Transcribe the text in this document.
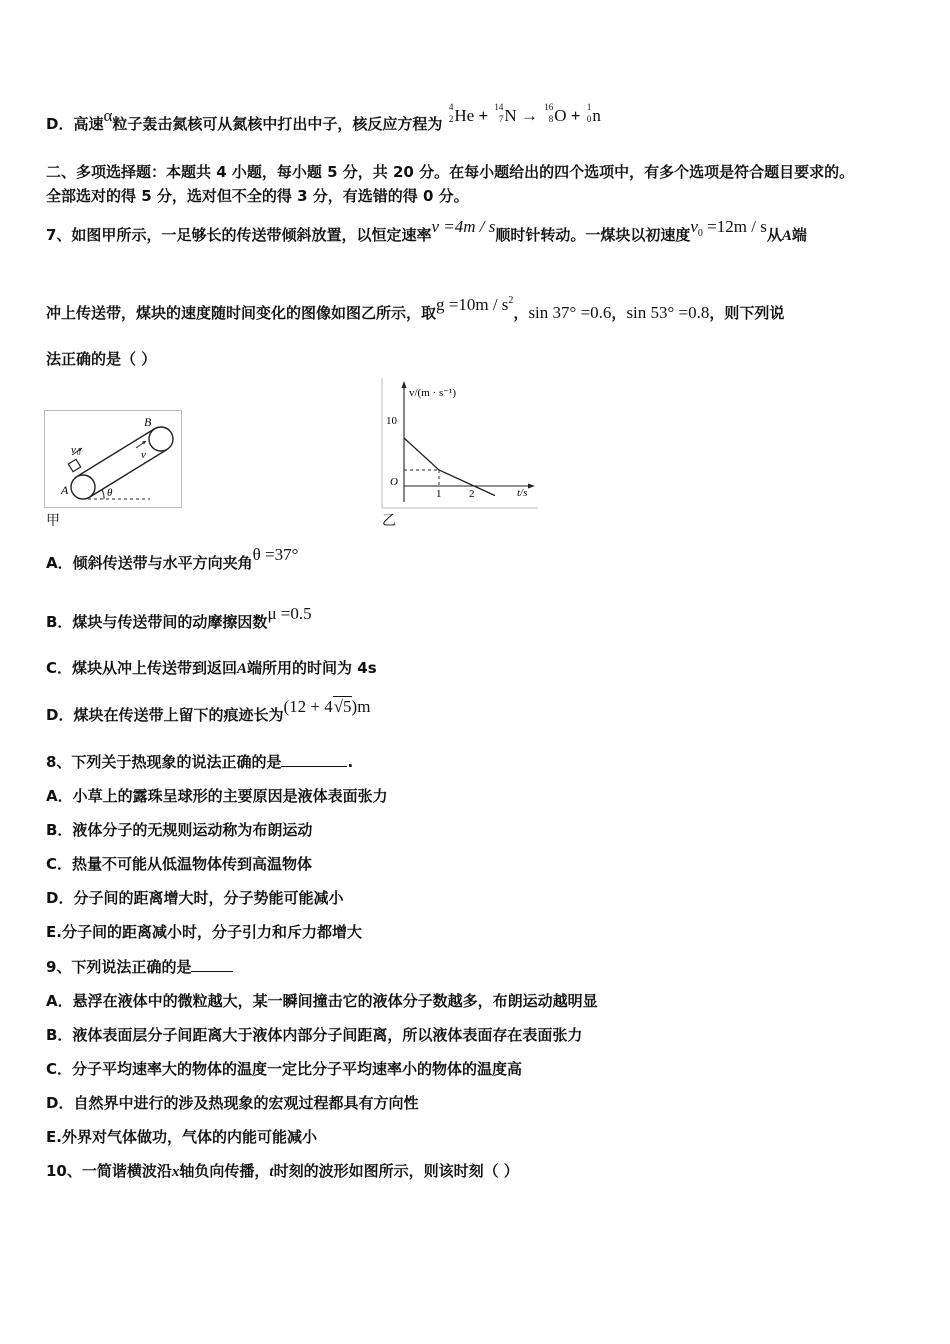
D．高速α粒子轰击氮核可从氮核中打出中子，核反应方程为
4
2 He + 14
7 N → 16
8 O + 1
0 n
二、多项选择题：本题共 4 小题，每小题 5 分，共 20 分。在每小题给出的四个选项中，有多个选项是符合题目要求的。
全部选对的得 5 分，选对但不全的得 3 分，有选错的得 0 分。
7、如图甲所示，一足够长的传送带倾斜放置，以恒定速率v =4m / s顺时针转动。一煤块以初速度$v_0 =12m / s$从A端
冲上传送带，煤块的速度随时间变化的图像如图乙所示，取$g =10m / s^2$，sin 37° =0.6，sin 53° =0.8，则下列说
法正确的是（ ）
v 0	v
B
A	θ
甲
v/(m · s⁻¹)
t/s
O
10
1	2
乙
A．倾斜传送带与水平方向夹角θ =37°
B．煤块与传送带间的动摩擦因数μ =0.5
C．煤块从冲上传送带到返回A端所用的时间为 4s
D．煤块在传送带上留下的痕迹长为(12 + 4√5)m
8、下列关于热现象的说法正确的是	.
A．小草上的露珠呈球形的主要原因是液体表面张力
B．液体分子的无规则运动称为布朗运动
C．热量不可能从低温物体传到高温物体
D．分子间的距离增大时，分子势能可能减小
E.分子间的距离减小时，分子引力和斥力都增大
9、下列说法正确的是
A．悬浮在液体中的微粒越大，某一瞬间撞击它的液体分子数越多，布朗运动越明显
B．液体表面层分子间距离大于液体内部分子间距离，所以液体表面存在表面张力
C．分子平均速率大的物体的温度一定比分子平均速率小的物体的温度高
D．自然界中进行的涉及热现象的宏观过程都具有方向性
E.外界对气体做功，气体的内能可能减小
10、一简谐横波沿x轴负向传播，t时刻的波形如图所示，则该时刻（ ）
